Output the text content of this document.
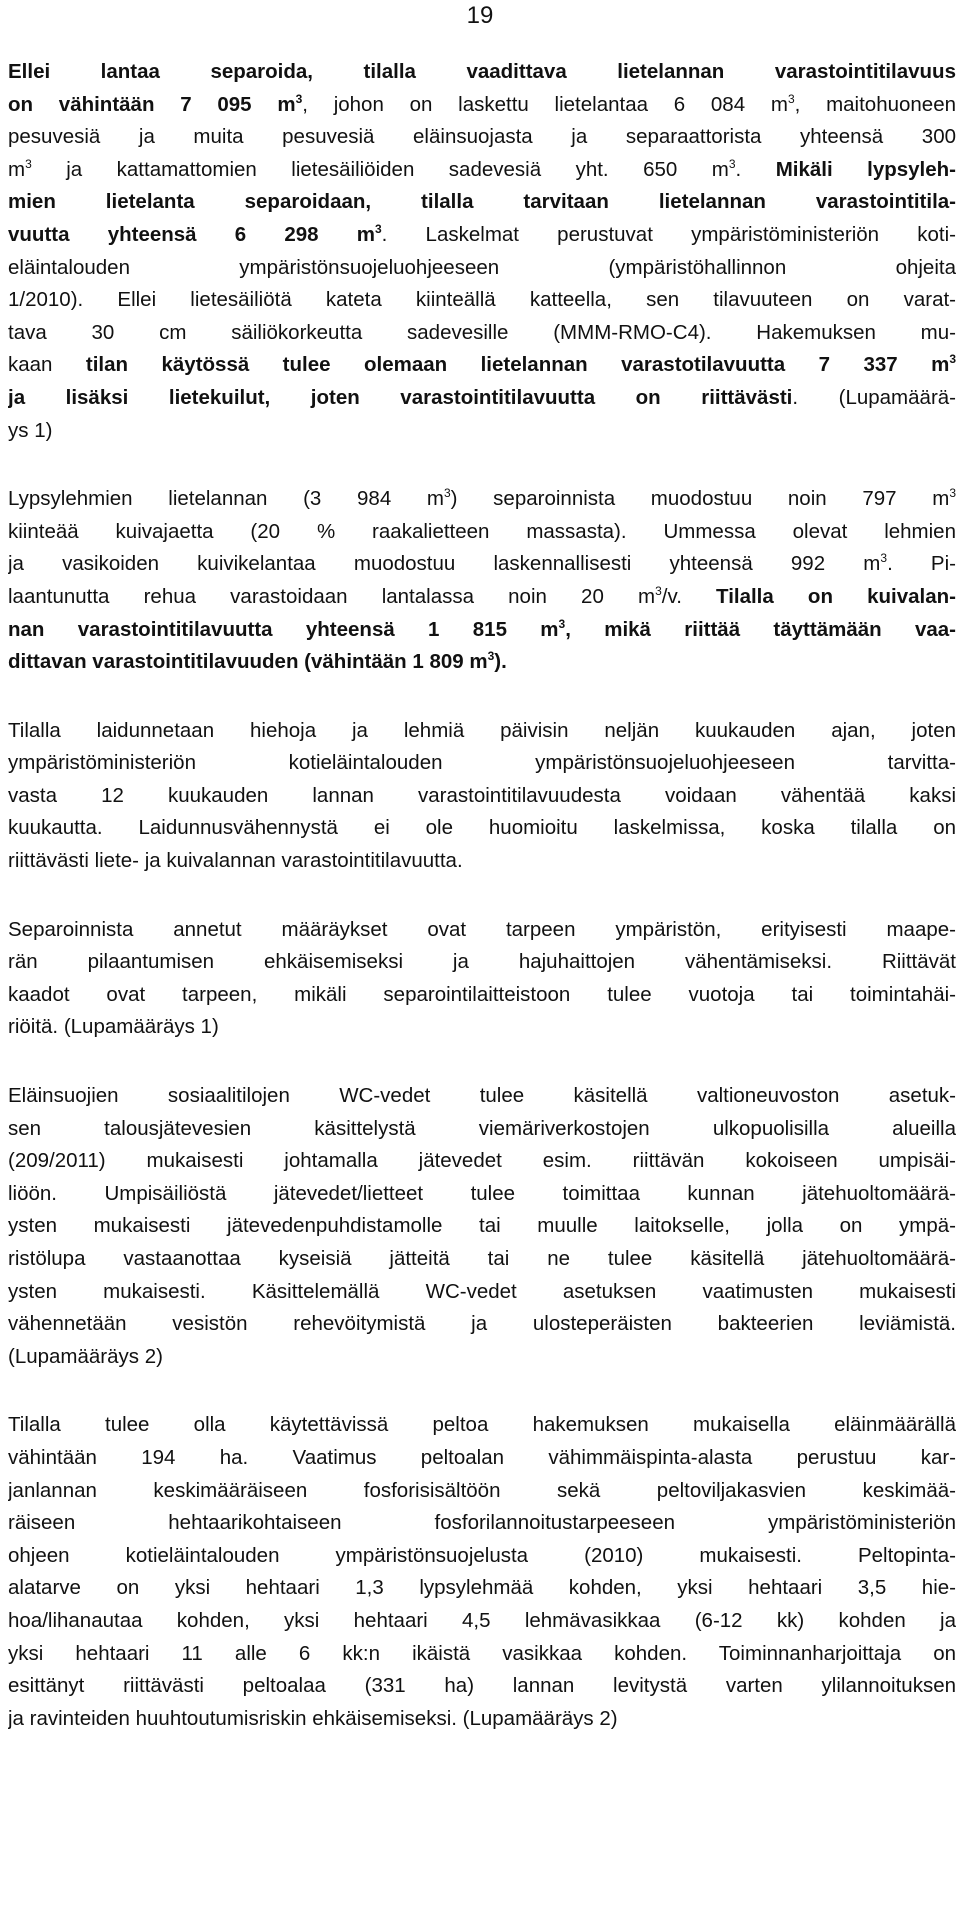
19
Ellei lantaa separoida, tilalla vaadittava lietelannan varastointitilavuus
on vähintään 7 095 $m^3$, johon on laskettu lietelantaa 6 084 $m^3$, maitohuoneen
pesuvesiä ja muita pesuvesiä eläinsuojasta ja separaattorista yhteensä 300
$m^3$ ja kattamattomien lietesäiliöiden sadevesiä yht. 650 $m^3$. Mikäli lypsyleh-
mien lietelanta separoidaan, tilalla tarvitaan lietelannan varastointitila-
vuutta yhteensä 6 298 $m^3$. Laskelmat perustuvat ympäristöministeriön koti-
eläintalouden ympäristönsuojeluohjeeseen (ympäristöhallinnon ohjeita
1/2010). Ellei lietesäiliötä kateta kiinteällä katteella, sen tilavuuteen on varat-
tava 30 cm säiliökorkeutta sadevesille (MMM-RMO-C4). Hakemuksen mu-
kaan tilan käytössä tulee olemaan lietelannan varastotilavuutta 7 337 $m^3$
ja lisäksi lietekuilut, joten varastointitilavuutta on riittävästi. (Lupamäärä-
ys 1)
Lypsylehmien lietelannan (3 984 $m^3$) separoinnista muodostuu noin 797 $m^3$
kiinteää kuivajaetta (20 % raakalietteen massasta). Ummessa olevat lehmien
ja vasikoiden kuivikelantaa muodostuu laskennallisesti yhteensä 992 $m^3$. Pi-
laantunutta rehua varastoidaan lantalassa noin 20 $m^3/v$. Tilalla on kuivalan-
nan varastointitilavuutta yhteensä 1 815 $m^3$, mikä riittää täyttämään vaa-
dittavan varastointitilavuuden (vähintään 1 809 $m^3$).
Tilalla laidunnetaan hiehoja ja lehmiä päivisin neljän kuukauden ajan, joten
ympäristöministeriön kotieläintalouden ympäristönsuojeluohjeeseen tarvitta-
vasta 12 kuukauden lannan varastointitilavuudesta voidaan vähentää kaksi
kuukautta. Laidunnusvähennystä ei ole huomioitu laskelmissa, koska tilalla on
riittävästi liete- ja kuivalannan varastointitilavuutta.
Separoinnista annetut määräykset ovat tarpeen ympäristön, erityisesti maape-
rän pilaantumisen ehkäisemiseksi ja hajuhaittojen vähentämiseksi. Riittävät
kaadot ovat tarpeen, mikäli separointilaitteistoon tulee vuotoja tai toimintahäi-
riöitä. (Lupamääräys 1)
Eläinsuojien sosiaalitilojen WC-vedet tulee käsitellä valtioneuvoston asetuk-
sen talousjätevesien käsittelystä viemäriverkostojen ulkopuolisilla alueilla
(209/2011) mukaisesti johtamalla jätevedet esim. riittävän kokoiseen umpisäi-
liöön. Umpisäiliöstä jätevedet/lietteet tulee toimittaa kunnan jätehuoltomäärä-
ysten mukaisesti jätevedenpuhdistamolle tai muulle laitokselle, jolla on ympä-
ristölupa vastaanottaa kyseisiä jätteitä tai ne tulee käsitellä jätehuoltomäärä-
ysten mukaisesti. Käsittelemällä WC-vedet asetuksen vaatimusten mukaisesti
vähennetään vesistön rehevöitymistä ja ulosteperäisten bakteerien leviämistä.
(Lupamääräys 2)
Tilalla tulee olla käytettävissä peltoa hakemuksen mukaisella eläinmäärällä
vähintään 194 ha. Vaatimus peltoalan vähimmäispinta-alasta perustuu kar-
janlannan keskimääräiseen fosforisisältöön sekä peltoviljakasvien keskimää-
räiseen hehtaarikohtaiseen fosforilannoitustarpeeseen ympäristöministeriön
ohjeen kotieläintalouden ympäristönsuojelusta (2010) mukaisesti. Peltopinta-
alatarve on yksi hehtaari 1,3 lypsylehmää kohden, yksi hehtaari 3,5 hie-
hoa/lihanautaa kohden, yksi hehtaari 4,5 lehmävasikkaa (6-12 kk) kohden ja
yksi hehtaari 11 alle 6 kk:n ikäistä vasikkaa kohden. Toiminnanharjoittaja on
esittänyt riittävästi peltoalaa (331 ha) lannan levitystä varten ylilannoituksen
ja ravinteiden huuhtoutumisriskin ehkäisemiseksi. (Lupamääräys 2)
